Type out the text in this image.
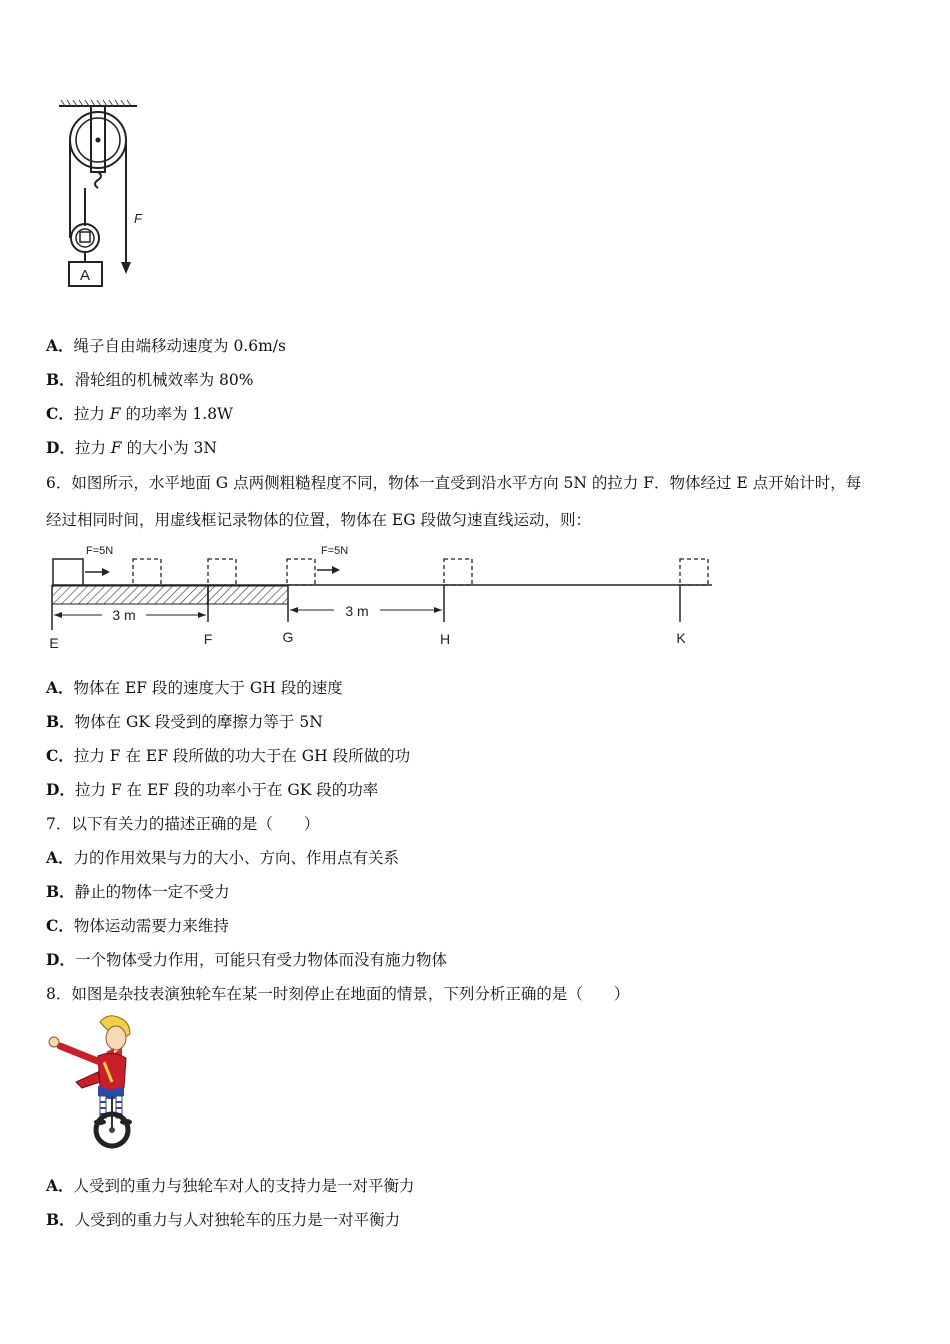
F
A
A．绳子自由端移动速度为 0.6m/s
B．滑轮组的机械效率为 80%
C．拉力 F 的功率为 1.8W
D．拉力 F 的大小为 3N
6．如图所示，水平地面 G 点两侧粗糙程度不同，物体一直受到沿水平方向 5N 的拉力 F．物体经过 E 点开始计时，每
经过相同时间，用虚线框记录物体的位置，物体在 EG 段做匀速直线运动，则：
F=5N	F=5N
3 m	3 m
E	F	G	H	K
A．物体在 EF 段的速度大于 GH 段的速度
B．物体在 GK 段受到的摩擦力等于 5N
C．拉力 F 在 EF 段所做的功大于在 GH 段所做的功
D．拉力 F 在 EF 段的功率小于在 GK 段的功率
7．以下有关力的描述正确的是（　　）
A．力的作用效果与力的大小、方向、作用点有关系
B．静止的物体一定不受力
C．物体运动需要力来维持
D．一个物体受力作用，可能只有受力物体而没有施力物体
8．如图是杂技表演独轮车在某一时刻停止在地面的情景，下列分析正确的是（　　）
A．人受到的重力与独轮车对人的支持力是一对平衡力
B．人受到的重力与人对独轮车的压力是一对平衡力
